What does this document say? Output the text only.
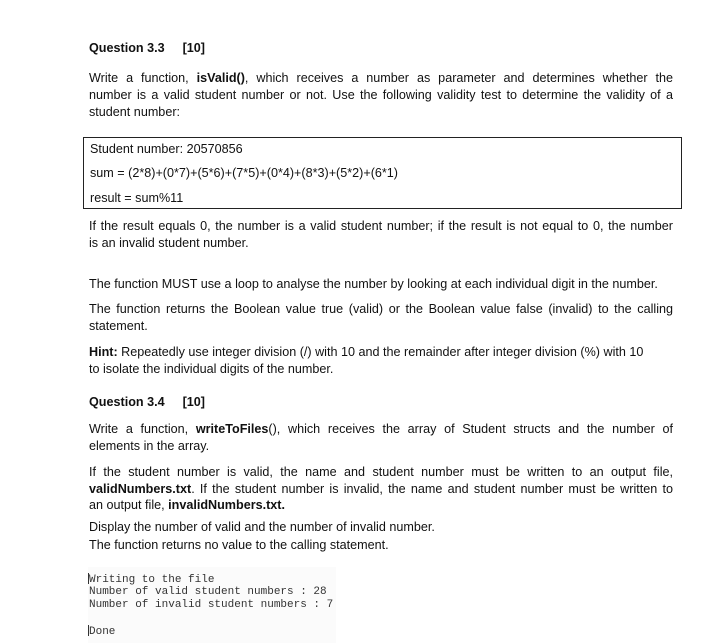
Question 3.3 [10]
Write a function, isValid(), which receives a number as parameter and determines whether the
number is a valid student number or not. Use the following validity test to determine the validity of a
student number:
Student number: 20570856
sum = (2*8)+(0*7)+(5*6)+(7*5)+(0*4)+(8*3)+(5*2)+(6*1)
result = sum%11
If the result equals 0, the number is a valid student number; if the result is not equal to 0, the number
is an invalid student number.
The function MUST use a loop to analyse the number by looking at each individual digit in the number.
The function returns the Boolean value true (valid) or the Boolean value false (invalid) to the calling
statement.
Hint: Repeatedly use integer division (/) with 10 and the remainder after integer division (%) with 10
to isolate the individual digits of the number.
Question 3.4 [10]
Write a function, writeToFiles(), which receives the array of Student structs and the number of
elements in the array.
If the student number is valid, the name and student number must be written to an output file,
validNumbers.txt. If the student number is invalid, the name and student number must be written to
an output file, invalidNumbers.txt.
Display the number of valid and the number of invalid number.
The function returns no value to the calling statement.
Writing to the file
Number of valid student numbers : 28
Number of invalid student numbers : 7
Done
